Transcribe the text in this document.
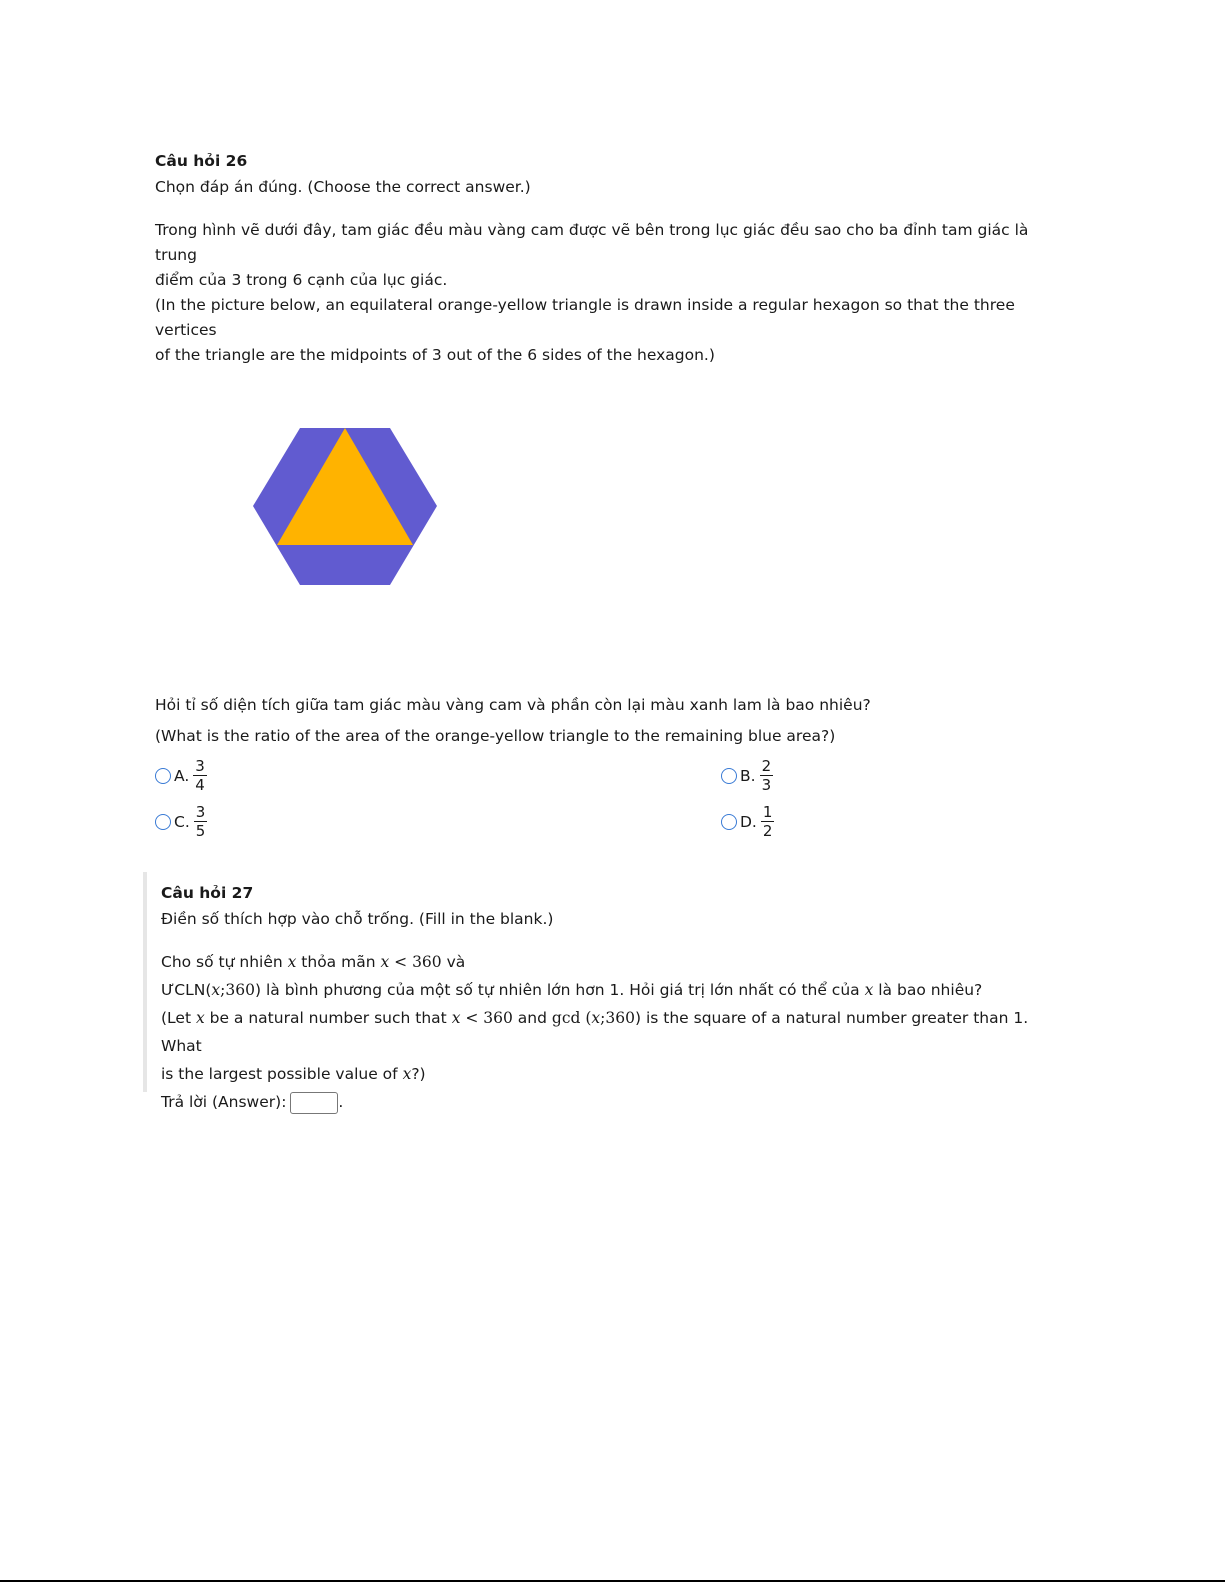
Câu hỏi 26

Chọn đáp án đúng. (Choose the correct answer.)

Trong hình vẽ dưới đây, tam giác đều màu vàng cam được vẽ bên trong lục giác đều sao cho ba đỉnh tam giác là trung

điểm của 3 trong 6 cạnh của lục giác.

(In the picture below, an equilateral orange-yellow triangle is drawn inside a regular hexagon so that the three vertices

of the triangle are the midpoints of 3 out of the 6 sides of the hexagon.)

Hỏi tỉ số diện tích giữa tam giác màu vàng cam và phần còn lại màu xanh lam là bao nhiêu?

(What is the ratio of the area of the orange-yellow triangle to the remaining blue area?)

A. $\frac{3}{4}$	B. $\frac{2}{3}$
C. $\frac{3}{5}$	D. $\frac{1}{2}$

Câu hỏi 27

Điền số thích hợp vào chỗ trống. (Fill in the blank.)

Cho số tự nhiên x thỏa mãn x < 360 và

ƯCLN(x;360) là bình phương của một số tự nhiên lớn hơn 1. Hỏi giá trị lớn nhất có thể của x là bao nhiêu?

(Let x be a natural number such that x < 360 and gcd (x;360) is the square of a natural number greater than 1. What

is the largest possible value of x?)

Trả lời (Answer):	.
